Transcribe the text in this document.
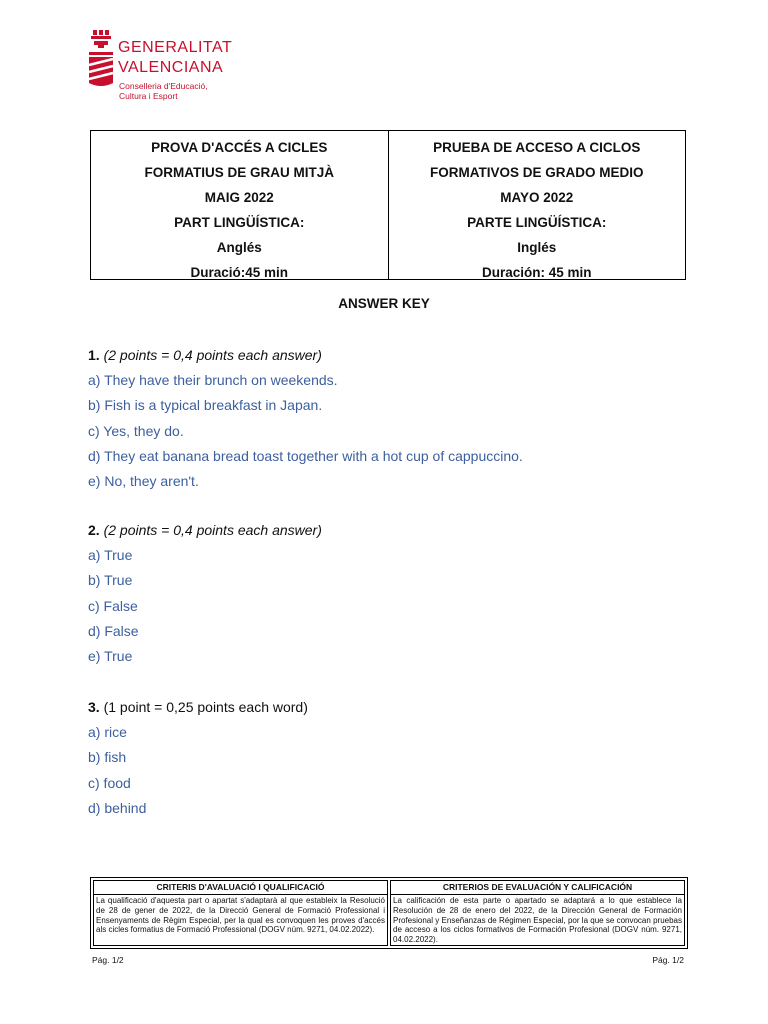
GENERALITAT
VALENCIANA
Conselleria d'Educació,
Cultura i Esport
PROVA D'ACCÉS A CICLES
FORMATIUS DE GRAU MITJÀ
MAIG 2022
PART LINGÜÍSTICA:
Anglés
Duració:45 min
PRUEBA DE ACCESO A CICLOS
FORMATIVOS DE GRADO MEDIO
MAYO 2022
PARTE LINGÜÍSTICA:
Inglés
Duración: 45 min
ANSWER KEY
1. (2 points = 0,4 points each answer)
a) They have their brunch on weekends.
b) Fish is a typical breakfast in Japan.
c) Yes, they do.
d) They eat banana bread toast together with a hot cup of cappuccino.
e) No, they aren't.
2. (2 points = 0,4 points each answer)
a) True
b) True
c) False
d) False
e) True
3. (1 point = 0,25 points each word)
a) rice
b) fish
c) food
d) behind
CRITERIS D'AVALUACIÓ I QUALIFICACIÓ
La qualificació d'aquesta part o apartat s'adaptarà al que estableix la Resolució de 28 de gener de 2022, de la Direcció General de Formació Professional i Ensenyaments de Règim Especial, per la qual es convoquen les proves d'accés als cicles formatius de Formació Professional (DOGV núm. 9271, 04.02.2022).
CRITERIOS DE EVALUACIÓN Y CALIFICACIÓN
La calificación de esta parte o apartado se adaptará a lo que establece la Resolución de 28 de enero del 2022, de la Dirección General de Formación Profesional y Enseñanzas de Régimen Especial, por la que se convocan pruebas de acceso a los ciclos formativos de Formación Profesional (DOGV núm. 9271, 04.02.2022).
Pág. 1/2	Pág. 1/2
